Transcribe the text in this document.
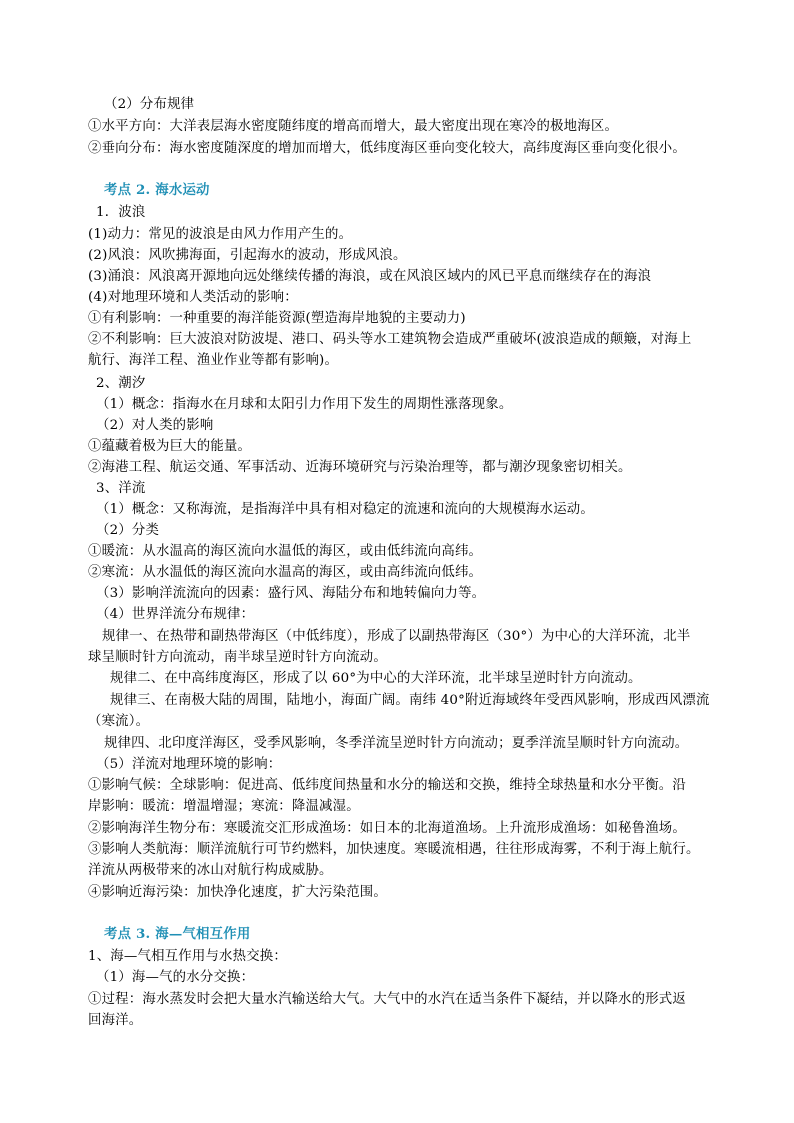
（2）分布规律
①水平方向：大洋表层海水密度随纬度的增高而增大，最大密度出现在寒冷的极地海区。
②垂向分布：海水密度随深度的增加而增大，低纬度海区垂向变化较大，高纬度海区垂向变化很小。
考点 2. 海水运动
1．波浪
(1)动力：常见的波浪是由风力作用产生的。
(2)风浪：风吹拂海面，引起海水的波动，形成风浪。
(3)涌浪：风浪离开源地向远处继续传播的海浪，或在风浪区域内的风已平息而继续存在的海浪
(4)对地理环境和人类活动的影响：
①有利影响：一种重要的海洋能资源(塑造海岸地貌的主要动力)
②不利影响：巨大波浪对防波堤、港口、码头等水工建筑物会造成严重破坏(波浪造成的颠簸，对海上
航行、海洋工程、渔业作业等都有影响)。
2、潮汐
（1）概念：指海水在月球和太阳引力作用下发生的周期性涨落现象。
（2）对人类的影响
①蕴藏着极为巨大的能量。
②海港工程、航运交通、军事活动、近海环境研究与污染治理等，都与潮汐现象密切相关。
3、洋流
（1）概念：又称海流，是指海洋中具有相对稳定的流速和流向的大规模海水运动。
（2）分类
①暖流：从水温高的海区流向水温低的海区，或由低纬流向高纬。
②寒流：从水温低的海区流向水温高的海区，或由高纬流向低纬。
（3）影响洋流流向的因素：盛行风、海陆分布和地转偏向力等。
（4）世界洋流分布规律：
规律一、在热带和副热带海区（中低纬度），形成了以副热带海区（30°）为中心的大洋环流，北半
球呈顺时针方向流动，南半球呈逆时针方向流动。
规律二、在中高纬度海区，形成了以 60°为中心的大洋环流，北半球呈逆时针方向流动。
规律三、在南极大陆的周围，陆地小，海面广阔。南纬 40°附近海域终年受西风影响，形成西风漂流
（寒流）。
规律四、北印度洋海区，受季风影响，冬季洋流呈逆时针方向流动；夏季洋流呈顺时针方向流动。
（5）洋流对地理环境的影响：
①影响气候：全球影响：促进高、低纬度间热量和水分的输送和交换，维持全球热量和水分平衡。沿
岸影响：暖流：增温增湿；寒流：降温减湿。
②影响海洋生物分布：寒暖流交汇形成渔场：如日本的北海道渔场。上升流形成渔场：如秘鲁渔场。
③影响人类航海：顺洋流航行可节约燃料，加快速度。寒暖流相遇，往往形成海雾，不利于海上航行。
洋流从两极带来的冰山对航行构成威胁。
④影响近海污染：加快净化速度，扩大污染范围。
考点 3. 海—气相互作用
1、海—气相互作用与水热交换：
（1）海—气的水分交换：
①过程：海水蒸发时会把大量水汽输送给大气。大气中的水汽在适当条件下凝结，并以降水的形式返
回海洋。
